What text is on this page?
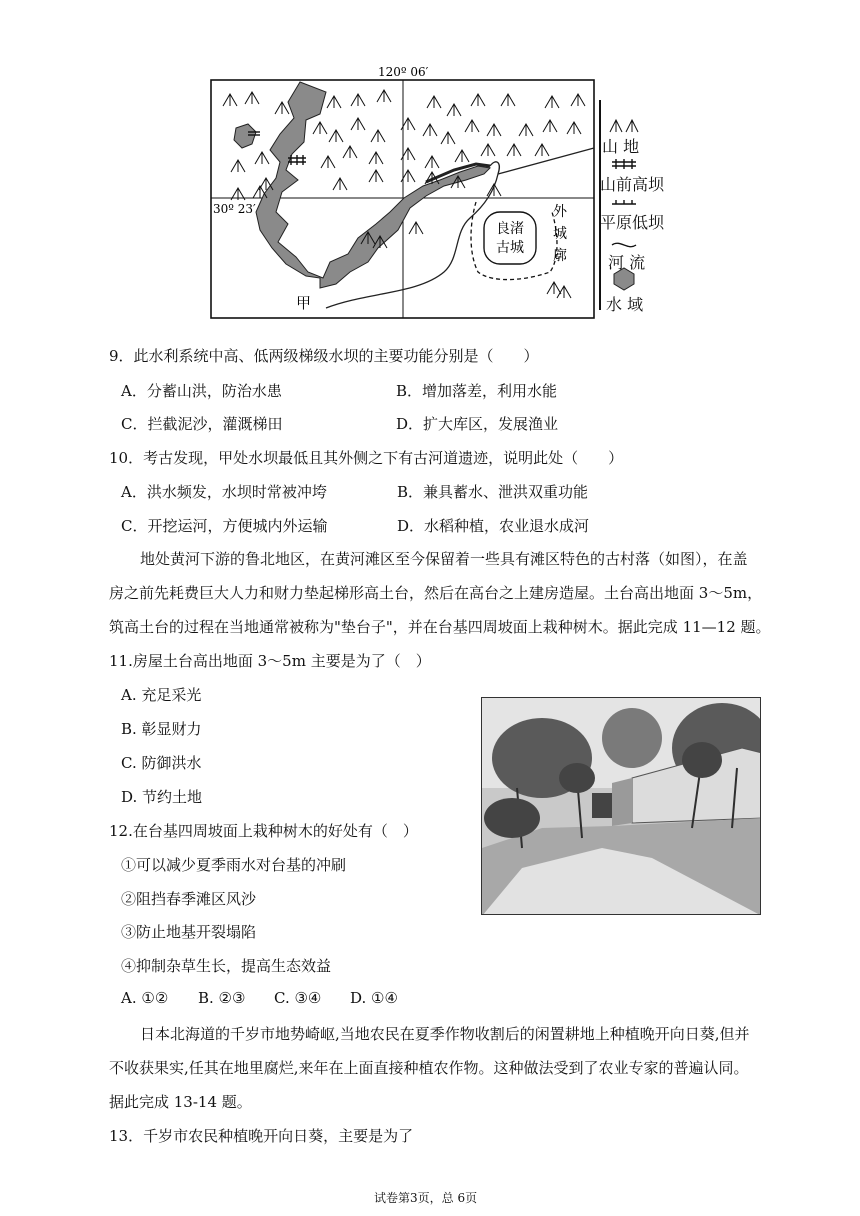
良渚
古城
外
城
廓
120º 06′
30º 23′
甲
山 地
山前高坝
平原低坝
河 流
水 域
9．此水利系统中高、低两级梯级水坝的主要功能分别是（　　）
A．分蓄山洪，防治水患	B．增加落差，利用水能
C．拦截泥沙，灌溉梯田	D．扩大库区，发展渔业
10．考古发现，甲处水坝最低且其外侧之下有古河道遗迹，说明此处（　　）
A．洪水频发，水坝时常被冲垮	B．兼具蓄水、泄洪双重功能
C．开挖运河，方便城内外运输	D．水稻种植，农业退水成河
地处黄河下游的鲁北地区，在黄河滩区至今保留着一些具有滩区特色的古村落（如图），在盖
房之前先耗费巨大人力和财力垫起梯形高土台，然后在高台之上建房造屋。土台高出地面 3～5m，
筑高土台的过程在当地通常被称为"垫台子"，并在台基四周坡面上栽种树木。据此完成 11—12 题。
11.房屋土台高出地面 3～5m 主要是为了（　）
A. 充足采光
B. 彰显财力
C. 防御洪水
D. 节约土地
12.在台基四周坡面上栽种树木的好处有（　）
①可以减少夏季雨水对台基的冲刷
②阻挡春季滩区风沙
③防止地基开裂塌陷
④抑制杂草生长，提高生态效益
A. ①② B. ②③ C. ③④ D. ①④
日本北海道的千岁市地势崎岖,当地农民在夏季作物收割后的闲置耕地上种植晚开向日葵,但并
不收获果实,任其在地里腐烂,来年在上面直接种植农作物。这种做法受到了农业专家的普遍认同。
据此完成 13-14 题。
13．千岁市农民种植晚开向日葵，主要是为了
试卷第3页，总 6页
